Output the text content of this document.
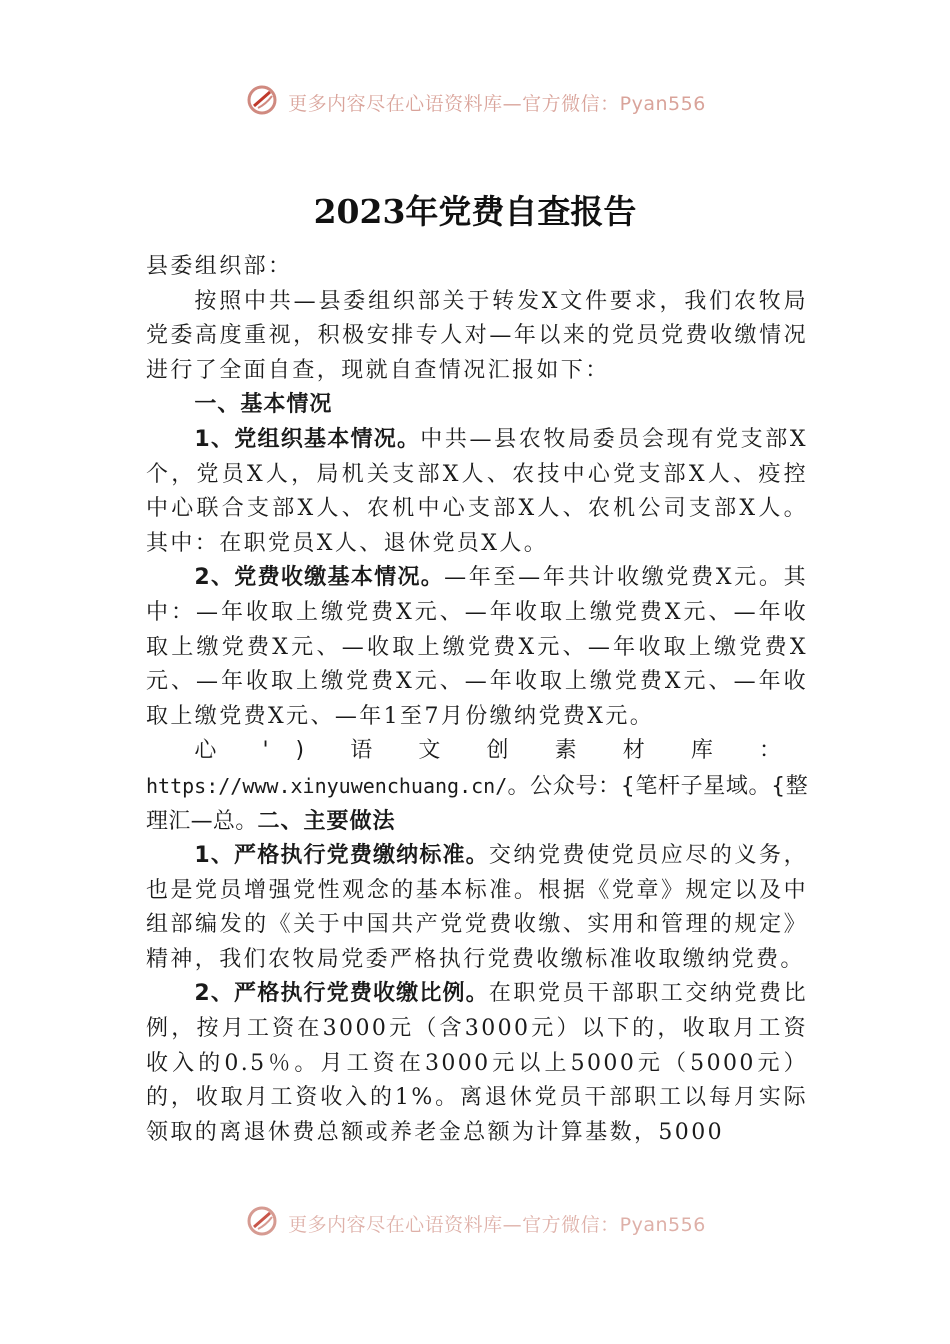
更多内容尽在心语资料库—官方微信：Pyan556
2023年党费自查报告

县委组织部：

按照中共—县委组织部关于转发X文件要求，我们农牧局党委高度重视，积极安排专人对—年以来的党员党费收缴情况进行了全面自查，现就自查情况汇报如下：

一、基本情况

1、党组织基本情况。中共—县农牧局委员会现有党支部X个，党员X人，局机关支部X人、农技中心党支部X人、疫控中心联合支部X人、农机中心支部X人、农机公司支部X人。其中：在职党员X人、退休党员X人。

2、党费收缴基本情况。—年至—年共计收缴党费X元。其中：—年收取上缴党费X元、—年收取上缴党费X元、—年收取上缴党费X元、—收取上缴党费X元、—年收取上缴党费X元、—年收取上缴党费X元、—年收取上缴党费X元、—年收取上缴党费X元、—年1至7月份缴纳党费X元。

心')语文创素材库：https://www.xinyuwenchuang.cn/。公众号：{笔杆子星域。{整理汇—总。二、主要做法

1、严格执行党费缴纳标准。交纳党费使党员应尽的义务，也是党员增强党性观念的基本标准。根据《党章》规定以及中组部编发的《关于中国共产党党费收缴、实用和管理的规定》精神，我们农牧局党委严格执行党费收缴标准收取缴纳党费。

2、严格执行党费收缴比例。在职党员干部职工交纳党费比例，按月工资在3000元（含3000元）以下的，收取月工资收入的0.5％。月工资在3000元以上5000元（5000元）的，收取月工资收入的1%。离退休党员干部职工以每月实际领取的离退休费总额或养老金总额为计算基数，5000

更多内容尽在心语资料库—官方微信：Pyan556
